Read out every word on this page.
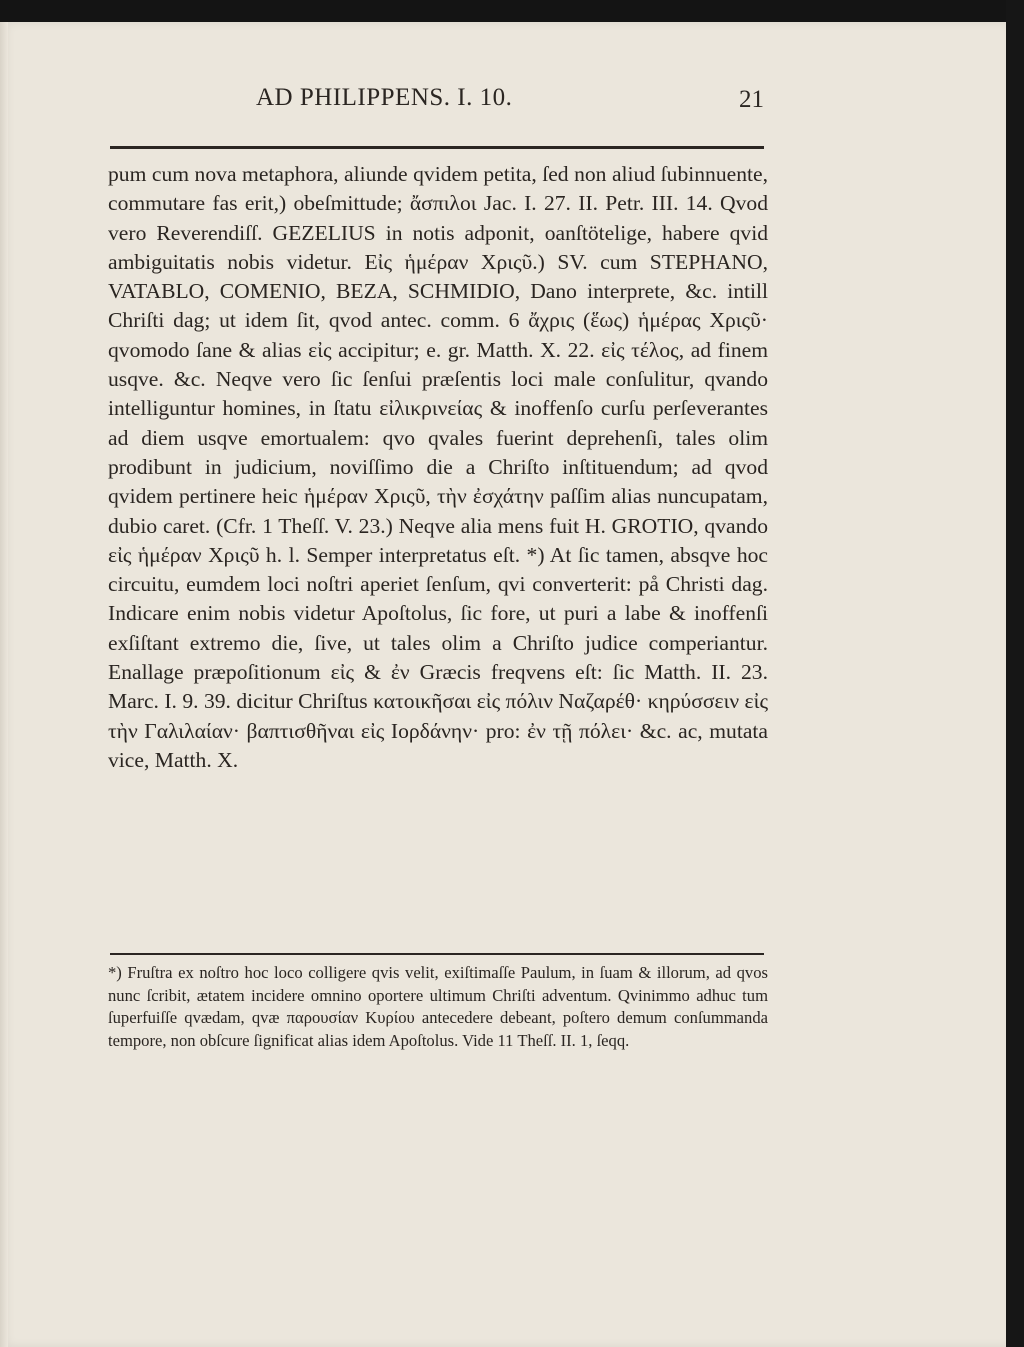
AD PHILIPPENS. I. 10.	21

pum cum nova metaphora, aliunde qvidem petita, ſed non aliud ſubinnuente, commutare fas erit,) obeſmittude; ἄσπιλοι Jac. I. 27. II. Petr. III. 14. Qvod vero Reverendiſſ. GEZELIUS in notis adponit, oanſtötelige, habere qvid ambiguitatis nobis videtur. Εἰς ἡμέραν Χριςῦ.) SV. cum STEPHANO, VATABLO, COMENIO, BEZA, SCHMIDIO, Dano interprete, &c. intill Chriſti dag; ut idem ſit, qvod antec. comm. 6 ἄχρις (ἕως) ἡμέρας Χριςῦ· qvomodo ſane & alias εἰς accipitur; e. gr. Matth. X. 22. εἰς τέλος, ad finem usqve. &c. Neqve vero ſic ſenſui præſentis loci male conſulitur, qvando intelliguntur homines, in ſtatu εἰλικρινείας & inoffenſo curſu perſeverantes ad diem usqve emortualem: qvo qvales fuerint deprehenſi, tales olim prodibunt in judicium, noviſſimo die a Chriſto inſtituendum; ad qvod qvidem pertinere heic ἡμέραν Χριςῦ, τὴν ἐσχάτην paſſim alias nuncupatam, dubio caret. (Cfr. 1 Theſſ. V. 23.) Neqve alia mens fuit H. GROTIO, qvando εἰς ἡμέραν Χριςῦ h. l. Semper interpretatus eſt. *) At ſic tamen, absqve hoc circuitu, eumdem loci noſtri aperiet ſenſum, qvi converterit: på Christi dag. Indicare enim nobis videtur Apoſtolus, ſic fore, ut puri a labe & inoffenſi exſiſtant extremo die, ſive, ut tales olim a Chriſto judice comperiantur. Enallage præpoſitionum εἰς & ἐν Græcis freqvens eſt: ſic Matth. II. 23. Marc. I. 9. 39. dicitur Chriſtus κατοικῆσαι εἰς πόλιν Ναζαρέθ· κηρύσσειν εἰς τὴν Γαλιλαίαν· βαπτισθῆναι εἰς Ιορδάνην· pro: ἐν τῇ πόλει· &c. ac, mutata vice, Matth. X.

*) Fruſtra ex noſtro hoc loco colligere qvis velit, exiſtimaſſe Paulum, in ſuam & illorum, ad qvos nunc ſcribit, ætatem incidere omnino oportere ultimum Chriſti adventum. Qvinimmo adhuc tum ſuperfuiſſe qvædam, qvæ παρουσίαν Κυρίου antecedere debeant, poſtero demum conſummanda tempore, non obſcure ſignificat alias idem Apoſtolus. Vide 11 Theſſ. II. 1, ſeqq.
